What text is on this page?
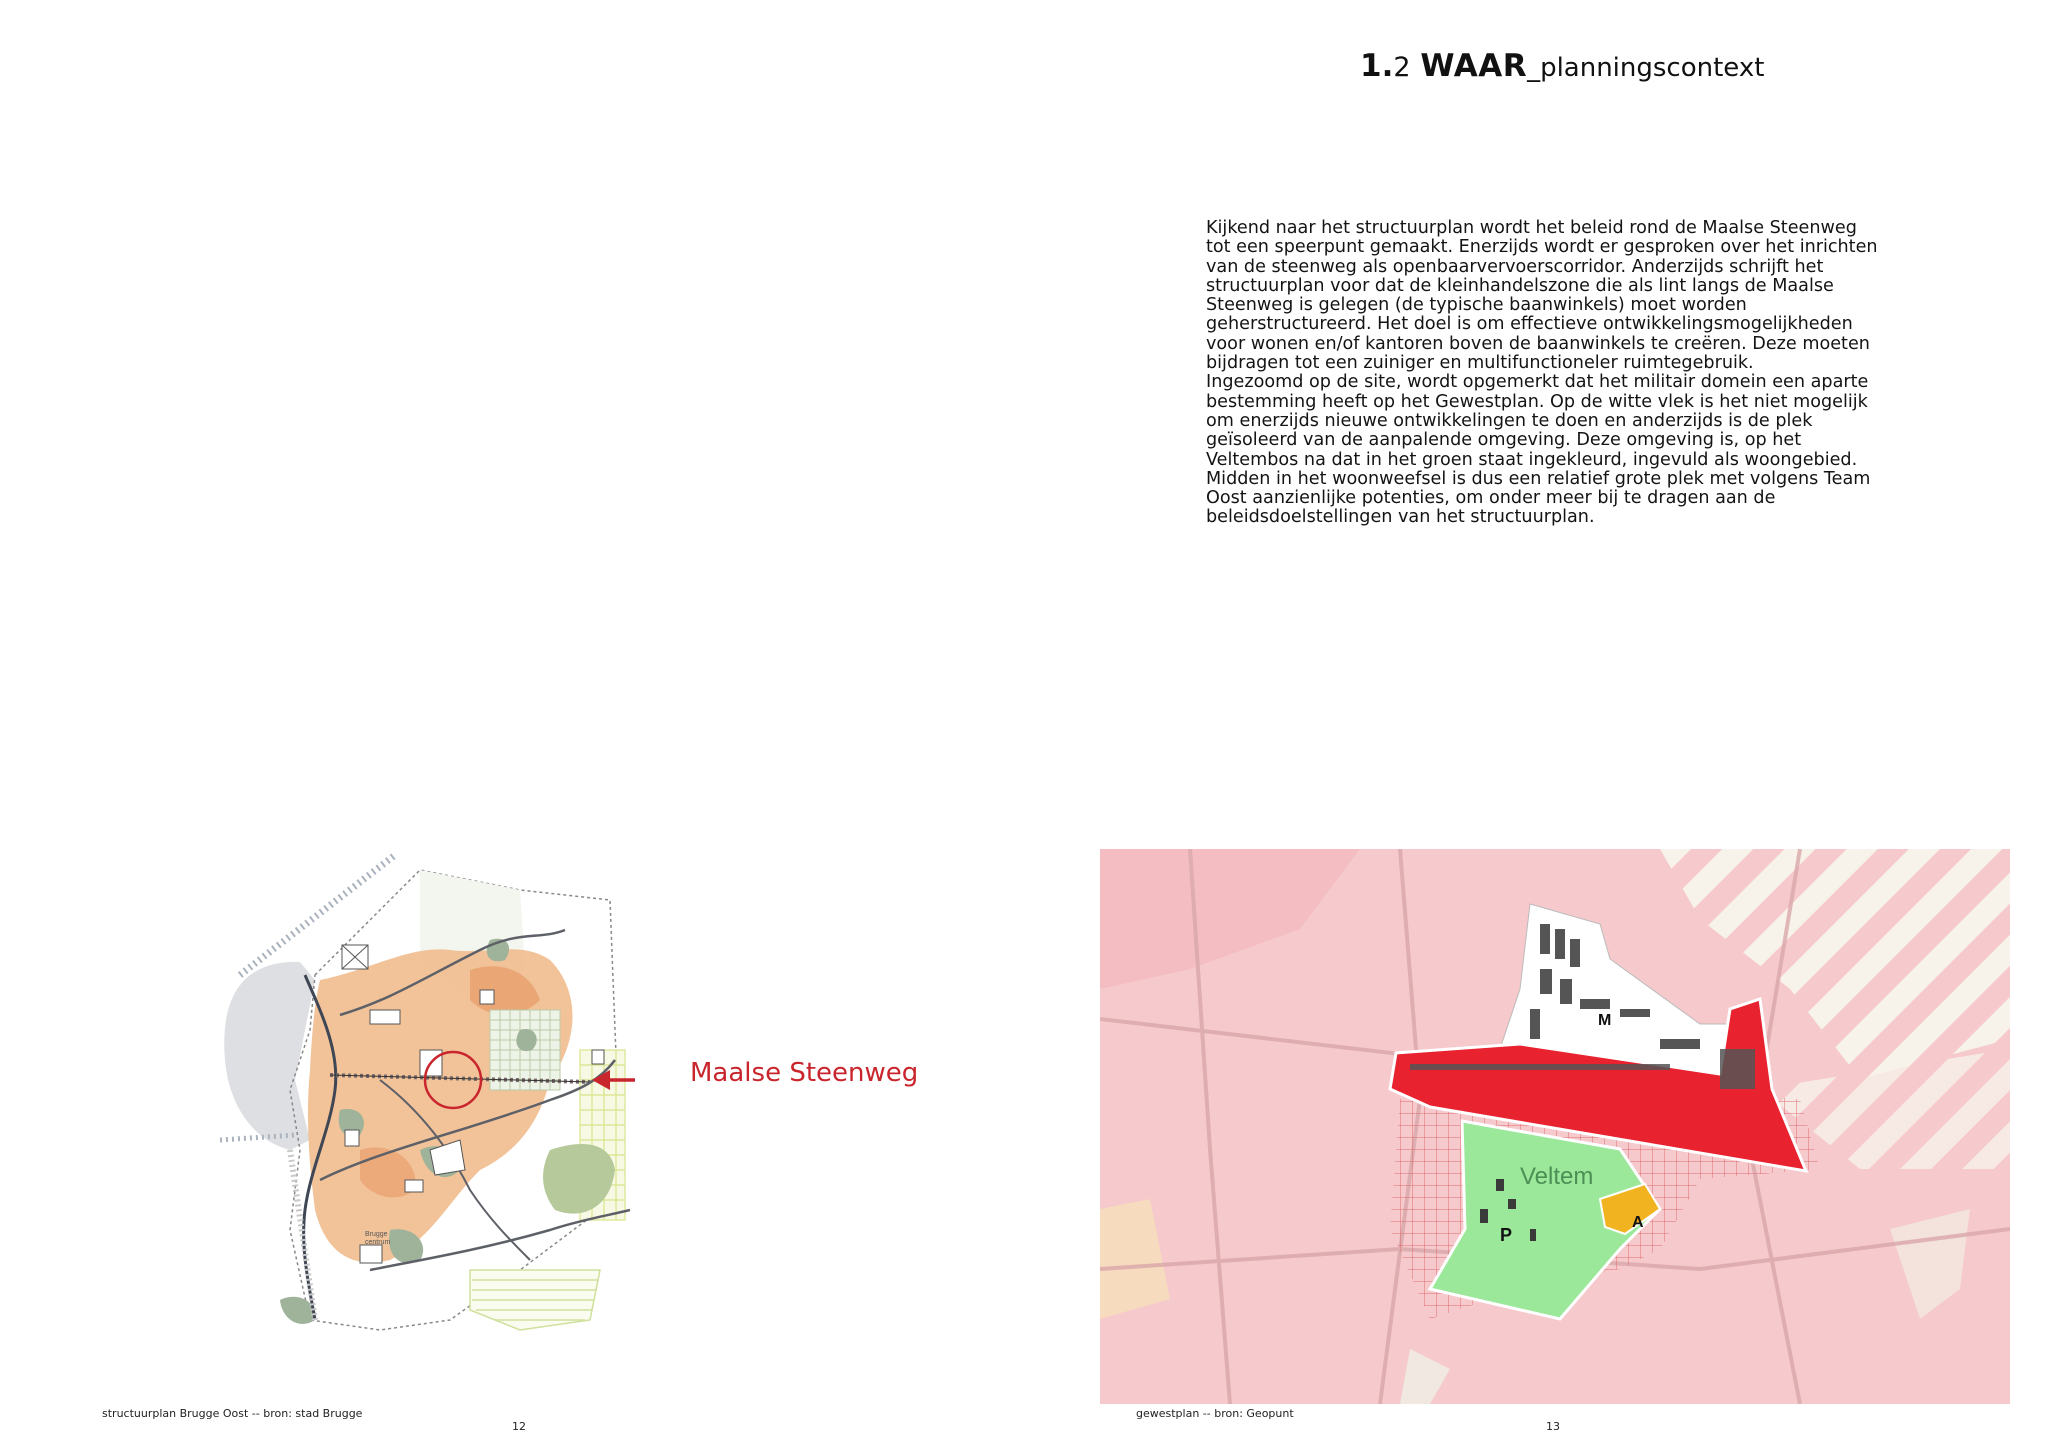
Brugge
centrum
Maalse Steenweg
structuurplan Brugge Oost -- bron: stad Brugge
12
1.2 WAAR_planningscontext

Kijkend naar het structuurplan wordt het beleid rond de Maalse Steenweg tot een speerpunt gemaakt. Enerzijds wordt er gesproken over het inrichten van de steenweg als openbaarvervoerscorridor. Anderzijds schrijft het structuurplan voor dat de kleinhandelszone die als lint langs de Maalse Steenweg is gelegen (de typische baanwinkels) moet worden geherstructureerd. Het doel is om effectieve ontwikkelingsmogelijkheden voor wonen en/of kantoren boven de baanwinkels te creëren. Deze moeten bijdragen tot een zuiniger en multifunctioneler ruimtegebruik.

Ingezoomd op de site, wordt opgemerkt dat het militair domein een aparte bestemming heeft op het Gewestplan. Op de witte vlek is het niet mogelijk om enerzijds nieuwe ontwikkelingen te doen en anderzijds is de plek geïsoleerd van de aanpalende omgeving. Deze omgeving is, op het Veltembos na dat in het groen staat ingekleurd, ingevuld als woongebied. Midden in het woonweefsel is dus een relatief grote plek met volgens Team Oost aanzienlijke potenties, om onder meer bij te dragen aan de beleidsdoelstellingen van het structuurplan.

M
Veltem
P
A
gewestplan -- bron: Geopunt
13
